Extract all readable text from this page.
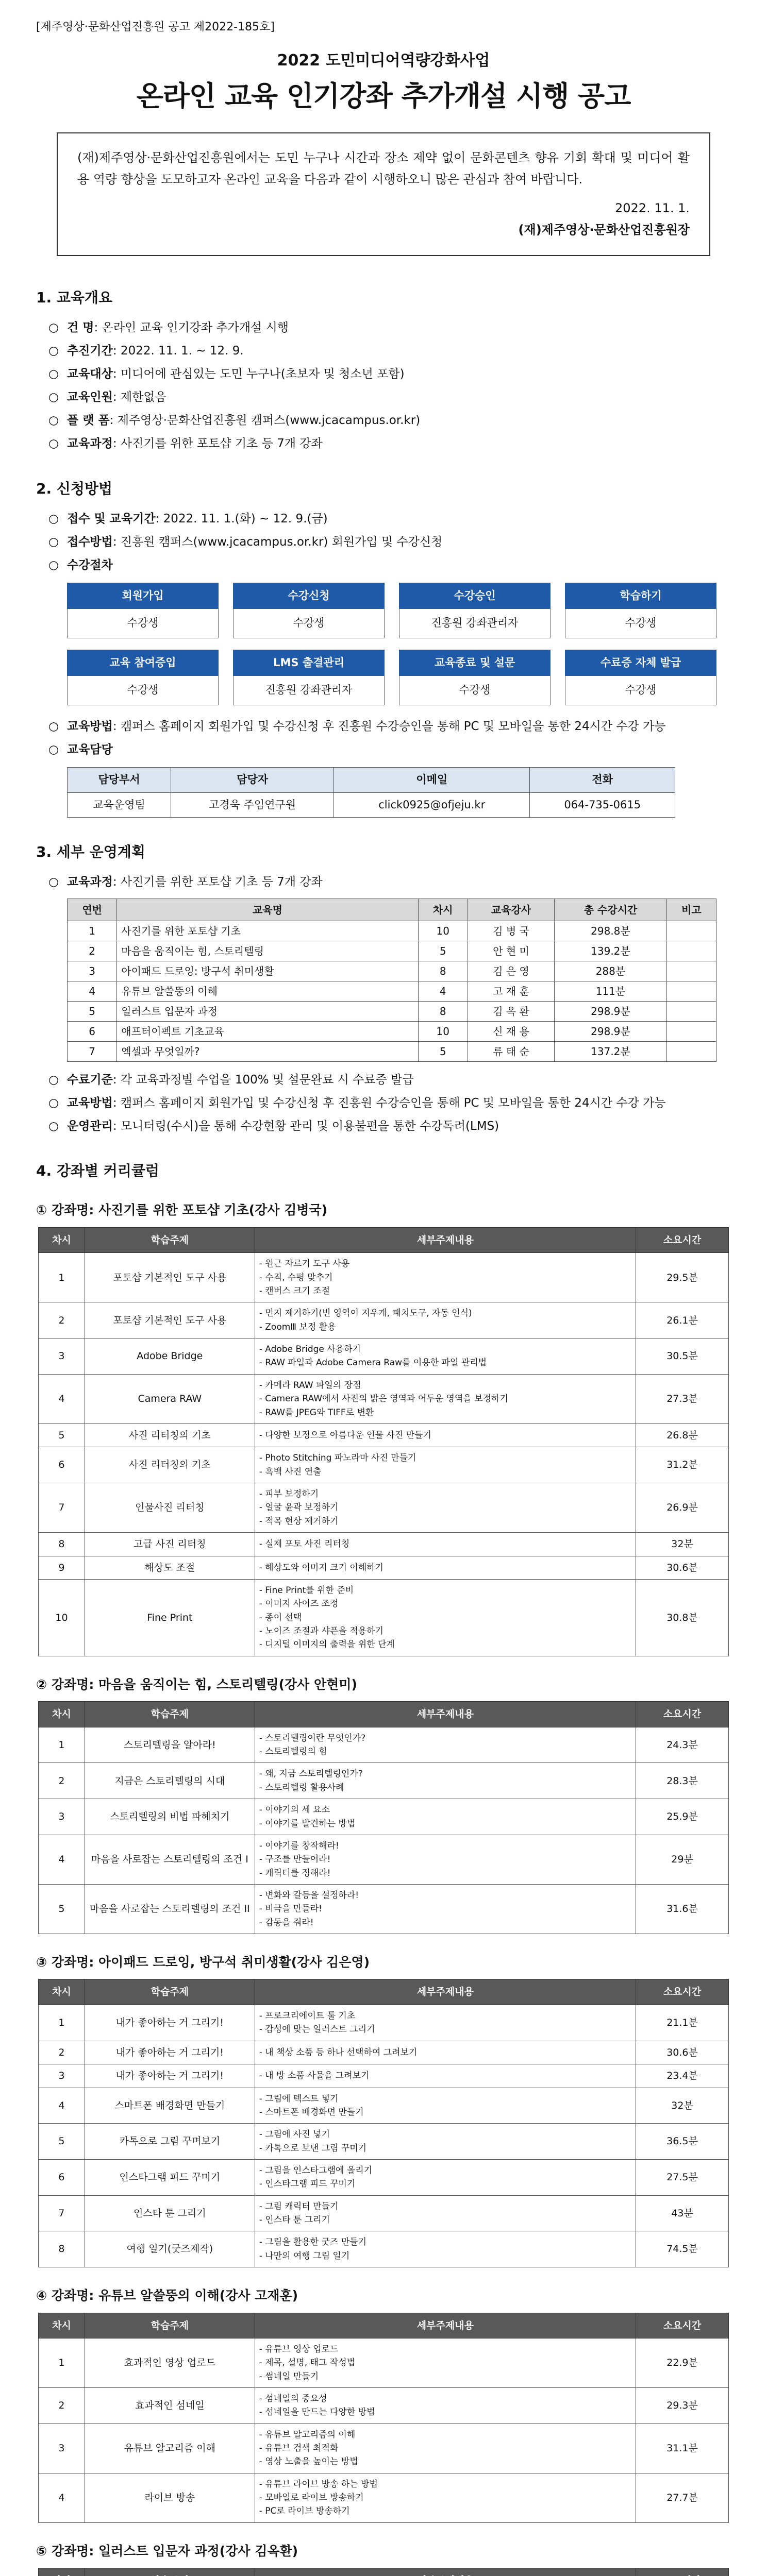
[제주영상·문화산업진흥원 공고 제2022-185호]
2022 도민미디어역량강화사업
온라인 교육 인기강좌 추가개설 시행 공고

(재)제주영상·문화산업진흥원에서는 도민 누구나 시간과 장소 제약 없이 문화콘텐츠 향유 기회 확대 및 미디어 활용 역량 향상을 도모하고자 온라인 교육을 다음과 같이 시행하오니 많은 관심과 참여 바랍니다.

2022. 11. 1.
(재)제주영상·문화산업진흥원장
1. 교육개요
○ 건 명: 온라인 교육 인기강좌 추가개설 시행
○ 추진기간: 2022. 11. 1. ~ 12. 9.
○ 교육대상: 미디어에 관심있는 도민 누구나(초보자 및 청소년 포함)
○ 교육인원: 제한없음
○ 플 랫 폼: 제주영상·문화산업진흥원 캠퍼스(www.jcacampus.or.kr)
○ 교육과정: 사진기를 위한 포토샵 기초 등 7개 강좌
2. 신청방법
○ 접수 및 교육기간: 2022. 11. 1.(화) ~ 12. 9.(금)
○ 접수방법: 진흥원 캠퍼스(www.jcacampus.or.kr) 회원가입 및 수강신청
○ 수강절차
회원가입
수강생
수강신청
수강생
수강승인
진흥원 강좌관리자
학습하기
수강생
교육 참여증입
수강생
LMS 출결관리
진흥원 강좌관리자
교육종료 및 설문
수강생
수료증 자체 발급
수강생
○ 교육방법: 캠퍼스 홈페이지 회원가입 및 수강신청 후 진흥원 수강승인을 통해 PC 및 모바일을 통한 24시간 수강 가능
○ 교육담당
담당부서	담당자	이메일	전화
교육운영팀	고경욱 주임연구원	click0925@ofjeju.kr	064-735-0615
3. 세부 운영계획
○ 교육과정: 사진기를 위한 포토샵 기초 등 7개 강좌
연번	교육명	차시	교육강사	총 수강시간	비고
1	사진기를 위한 포토샵 기초	10	김 병 국	298.8분	
2	마음을 움직이는 힘, 스토리텔링	5	안 현 미	139.2분	
3	아이패드 드로잉: 방구석 취미생활	8	김 은 영	288분	
4	유튜브 알쓸뚱의 이해	4	고 재 훈	111분	
5	일러스트 입문자 과정	8	김 옥 환	298.9분	
6	애프터이펙트 기초교육	10	신 재 용	298.9분	
7	엑셀과 무엇일까?	5	류 태 순	137.2분	
○ 수료기준: 각 교육과정별 수업을 100% 및 설문완료 시 수료증 발급
○ 교육방법: 캠퍼스 홈페이지 회원가입 및 수강신청 후 진흥원 수강승인을 통해 PC 및 모바일을 통한 24시간 수강 가능
○ 운영관리: 모니터링(수시)을 통해 수강현황 관리 및 이용불편을 통한 수강독려(LMS)
4. 강좌별 커리큘럼
① 강좌명: 사진기를 위한 포토샵 기초(강사 김병국)
차시	학습주제	세부주제내용	소요시간
1	포토샵 기본적인 도구 사용	- 원근 자르기 도구 사용
- 수직, 수평 맞추기
- 캔버스 크기 조절	29.5분
2	포토샵 기본적인 도구 사용	- 먼지 제거하기(빈 영역이 지우개, 패치도구, 자동 인식)
- ZoomⅢ 보정 활용	26.1분
3	Adobe Bridge	- Adobe Bridge 사용하기
- RAW 파일과 Adobe Camera Raw를 이용한 파일 관리법	30.5분
4	Camera RAW	- 카메라 RAW 파일의 장점
- Camera RAW에서 사진의 밝은 영역과 어두운 영역을 보정하기
- RAW를 JPEG와 TIFF로 변환	27.3분
5	사진 리터칭의 기초	- 다양한 보정으로 아름다운 인물 사진 만들기	26.8분
6	사진 리터칭의 기초	- Photo Stitching 파노라마 사진 만들기
- 흑백 사진 연출	31.2분
7	인물사진 리터칭	- 피부 보정하기
- 얼굴 윤곽 보정하기
- 적목 현상 제거하기	26.9분
8	고급 사진 리터칭	- 실제 포토 사진 리터칭	32분
9	해상도 조절	- 해상도와 이미지 크기 이해하기	30.6분
10	Fine Print	- Fine Print를 위한 준비
- 이미지 사이즈 조정
- 종이 선택
- 노이즈 조절과 샤픈을 적용하기
- 디지털 이미지의 출력을 위한 단계	30.8분
② 강좌명: 마음을 움직이는 힘, 스토리텔링(강사 안현미)
차시	학습주제	세부주제내용	소요시간
1	스토리텔링을 알아라!	- 스토리텔링이란 무엇인가?
- 스토리텔링의 힘	24.3분
2	지금은 스토리텔링의 시대	- 왜, 지금 스토리텔링인가?
- 스토리텔링 활용사례	28.3분
3	스토리텔링의 비법 파헤치기	- 이야기의 세 요소
- 이야기를 발견하는 방법	25.9분
4	마음을 사로잡는 스토리텔링의 조건 I	- 이야기를 창작해라!
- 구조를 만들어라!
- 캐릭터를 정해라!	29분
5	마음을 사로잡는 스토리텔링의 조건 II	- 변화와 갈등을 설정하라!
- 비극을 만들라!
- 감동을 줘라!	31.6분
③ 강좌명: 아이패드 드로잉, 방구석 취미생활(강사 김은영)
차시	학습주제	세부주제내용	소요시간
1	내가 좋아하는 거 그리기!	- 프로크리에이트 툴 기초
- 감성에 맞는 일러스트 그리기	21.1분
2	내가 좋아하는 거 그리기!	- 내 책상 소품 등 하나 선택하여 그려보기	30.6분
3	내가 좋아하는 거 그리기!	- 내 방 소품 사물을 그려보기	23.4분
4	스마트폰 배경화면 만들기	- 그림에 텍스트 넣기
- 스마트폰 배경화면 만들기	32분
5	카톡으로 그림 꾸며보기	- 그림에 사진 넣기
- 카톡으로 보낸 그림 꾸미기	36.5분
6	인스타그램 피드 꾸미기	- 그림을 인스타그램에 올리기
- 인스타그램 피드 꾸미기	27.5분
7	인스타 툰 그리기	- 그림 캐릭터 만들기
- 인스타 툰 그리기	43분
8	여행 일기(굿즈제작)	- 그림을 활용한 굿즈 만들기
- 나만의 여행 그림 일기	74.5분
④ 강좌명: 유튜브 알쓸뚱의 이해(강사 고재훈)
차시	학습주제	세부주제내용	소요시간
1	효과적인 영상 업로드	- 유튜브 영상 업로드
- 제목, 설명, 태그 작성법
- 썸네일 만들기	22.9분
2	효과적인 섬네일	- 섬네일의 중요성
- 섬네일을 만드는 다양한 방법	29.3분
3	유튜브 알고리즘 이해	- 유튜브 알고리즘의 이해
- 유튜브 검색 최적화
- 영상 노출을 높이는 방법	31.1분
4	라이브 방송	- 유튜브 라이브 방송 하는 방법
- 모바일로 라이브 방송하기
- PC로 라이브 방송하기	27.7분
⑤ 강좌명: 일러스트 입문자 과정(강사 김옥환)
